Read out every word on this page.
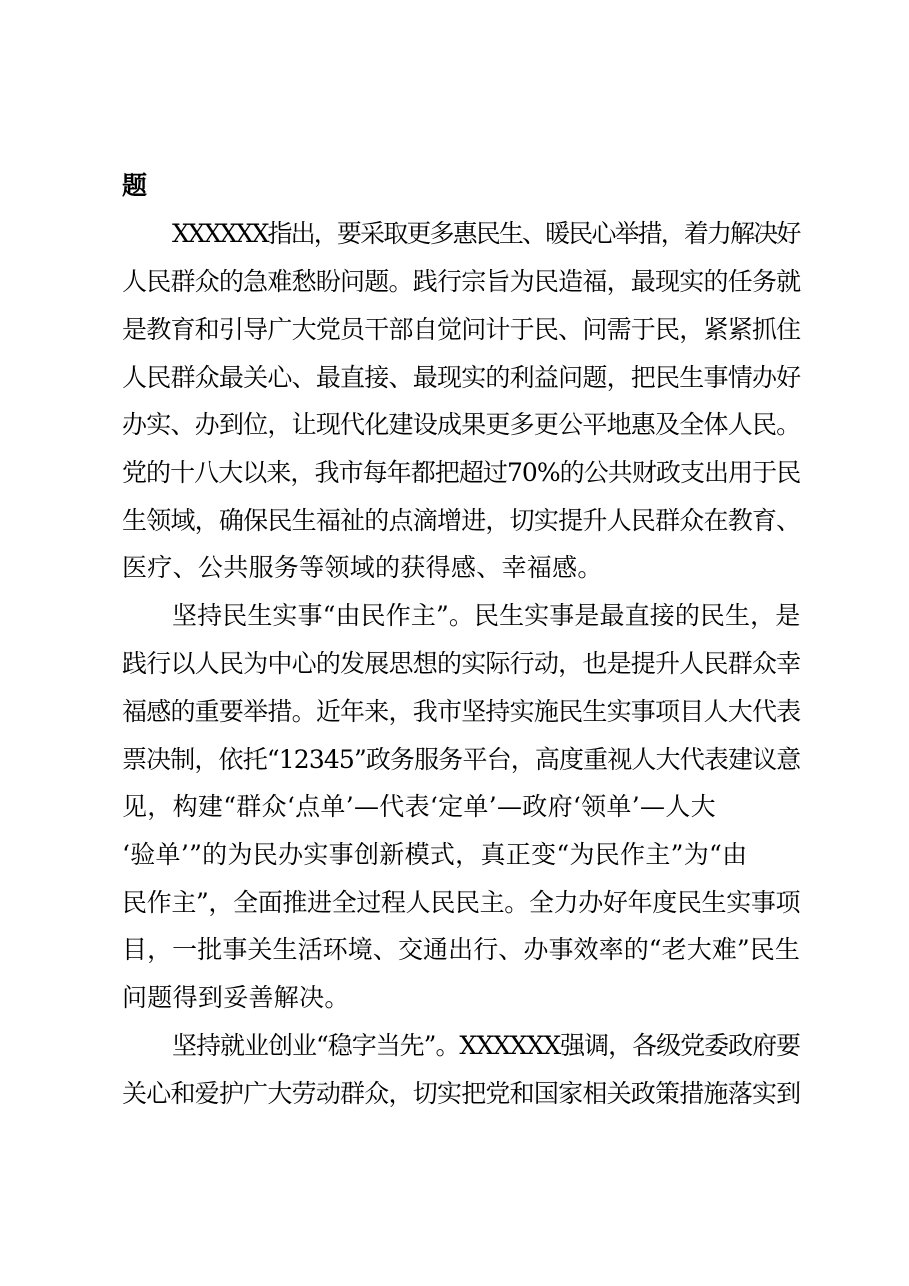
题
XXXXXX指出，要采取更多惠民生、暖民心举措，着力解决好
人民群众的急难愁盼问题。践行宗旨为民造福，最现实的任务就
是教育和引导广大党员干部自觉问计于民、问需于民，紧紧抓住
人民群众最关心、最直接、最现实的利益问题，把民生事情办好
办实、办到位，让现代化建设成果更多更公平地惠及全体人民。
党的十八大以来，我市每年都把超过70%的公共财政支出用于民
生领域，确保民生福祉的点滴增进，切实提升人民群众在教育、
医疗、公共服务等领域的获得感、幸福感。
坚持民生实事“由民作主”。民生实事是最直接的民生，是
践行以人民为中心的发展思想的实际行动，也是提升人民群众幸
福感的重要举措。近年来，我市坚持实施民生实事项目人大代表
票决制，依托“12345”政务服务平台，高度重视人大代表建议意
见，构建“群众‘点单’—代表‘定单’—政府‘领单’—人大
‘验单’”的为民办实事创新模式，真正变“为民作主”为“由
民作主”，全面推进全过程人民民主。全力办好年度民生实事项
目，一批事关生活环境、交通出行、办事效率的“老大难”民生
问题得到妥善解决。
坚持就业创业“稳字当先”。XXXXXX强调，各级党委政府要
关心和爱护广大劳动群众，切实把党和国家相关政策措施落实到
